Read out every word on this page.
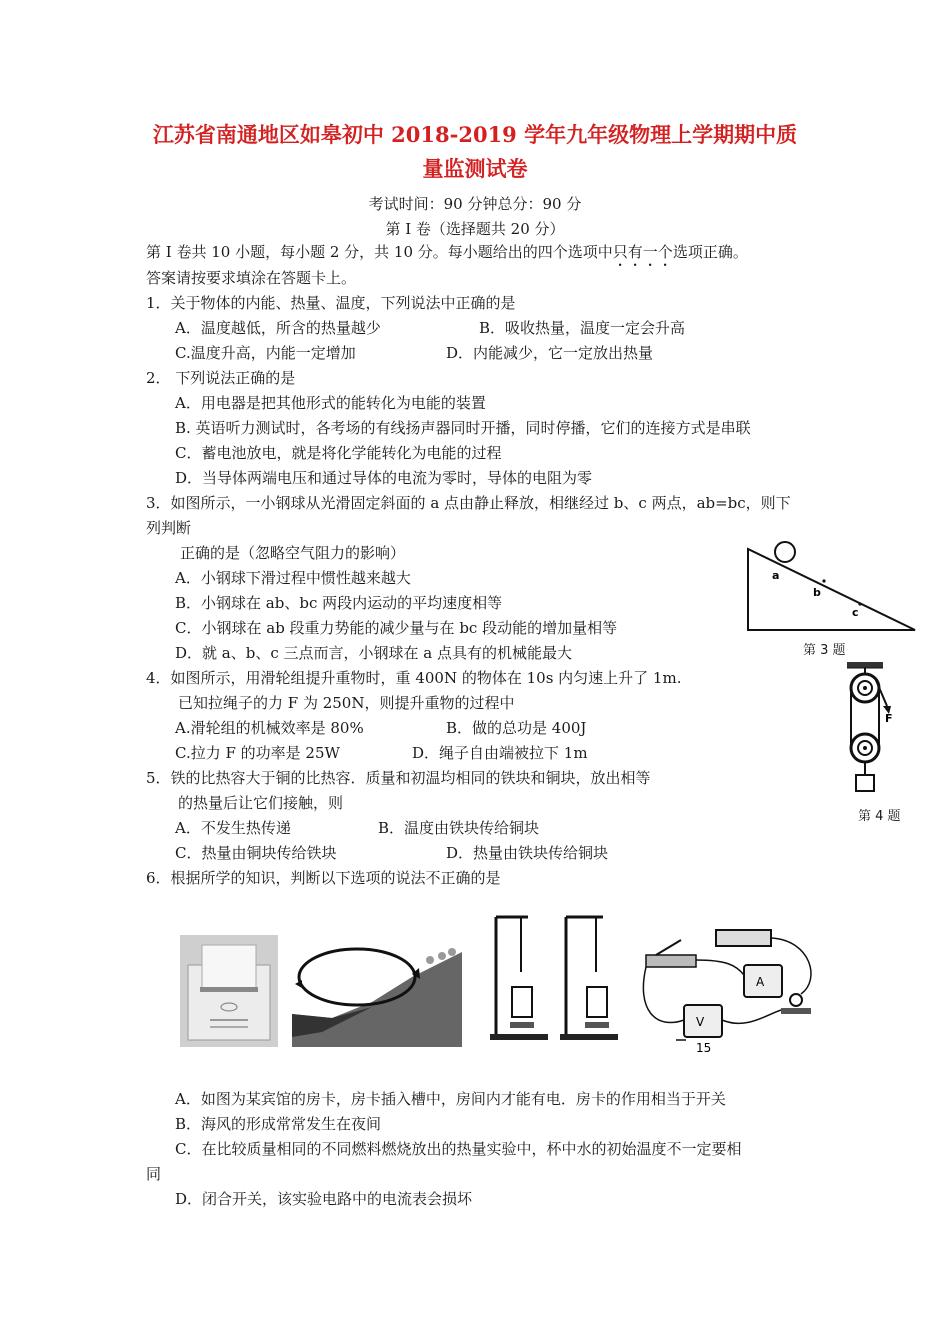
江苏省南通地区如皋初中 2018-2019 学年九年级物理上学期期中质
量监测试卷
考试时间：90 分钟总分：90 分
第 I 卷（选择题共 20 分）
第 I 卷共 10 小题，每小题 2 分，共 10 分。每小题给出的四个选项中只有一个选项正确。
答案请按要求填涂在答题卡上。
1．关于物体的内能、热量、温度，下列说法中正确的是
A．温度越低，所含的热量越少	B．吸收热量，温度一定会升高
C.温度升高，内能一定增加	D．内能减少，它一定放出热量
2． 下列说法正确的是
A．用电器是把其他形式的能转化为电能的装置
B. 英语听力测试时，各考场的有线扬声器同时开播，同时停播，它们的连接方式是串联
C．蓄电池放电，就是将化学能转化为电能的过程
D．当导体两端电压和通过导体的电流为零时，导体的电阻为零
3．如图所示，一小钢球从光滑固定斜面的 a 点由静止释放，相继经过 b、c 两点，ab=bc，则下
列判断
正确的是（忽略空气阻力的影响）
A．小钢球下滑过程中惯性越来越大
B．小钢球在 ab、bc 两段内运动的平均速度相等
C．小钢球在 ab 段重力势能的减少量与在 bc 段动能的增加量相等
D．就 a、b、c 三点而言，小钢球在 a 点具有的机械能最大
a
b
c
第 3 题
4．如图所示，用滑轮组提升重物时，重 400N 的物体在 10s 内匀速上升了 1m.
已知拉绳子的力 F 为 250N，则提升重物的过程中
A.滑轮组的机械效率是 80%	B．做的总功是 400J
C.拉力 F 的功率是 25W	D．绳子自由端被拉下 1m
F
第 4 题
5．铁的比热容大于铜的比热容．质量和初温均相同的铁块和铜块，放出相等
的热量后让它们接触，则
A．不发生热传递	B．温度由铁块传给铜块
C．热量由铜块传给铁块	D．热量由铁块传给铜块
6．根据所学的知识，判断以下选项的说法不正确的是
A
V
15
A．如图为某宾馆的房卡，房卡插入槽中，房间内才能有电．房卡的作用相当于开关
B．海风的形成常常发生在夜间
C．在比较质量相同的不同燃料燃烧放出的热量实验中，杯中水的初始温度不一定要相
同
D．闭合开关，该实验电路中的电流表会损坏
